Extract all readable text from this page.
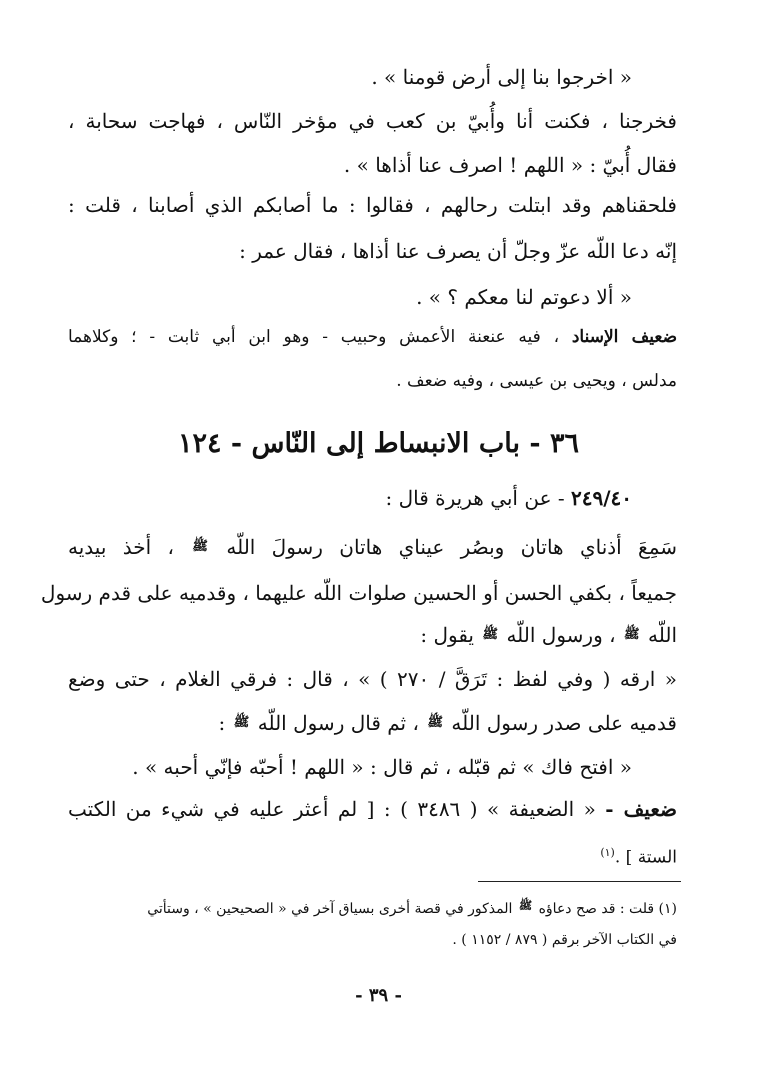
« اخرجوا بنا إلى أرض قومنا » .
فخرجنا ، فكنت أنا وأُبيّ بن كعب في مؤخر النّاس ، فهاجت سحابة ،
فقال أُبيّ : « اللهم ! اصرف عنا أذاها » .
فلحقناهم وقد ابتلت رحالهم ، فقالوا : ما أصابكم الذي أصابنا ، قلت :
إنّه دعا اللّه عزّ وجلّ أن يصرف عنا أذاها ، فقال عمر :
« ألا دعوتم لنا معكم ؟ » .
ضعيف الإسناد ، فيه عنعنة الأعمش وحبيب - وهو ابن أبي ثابت - ؛ وكلاهما
مدلس ، ويحيى بن عيسى ، وفيه ضعف .
٣٦ - باب الانبساط إلى النّاس - ١٢٤
٢٤٩/٤٠ - عن أبي هريرة قال :
سَمِعَ أذناي هاتان وبصُر عيناي هاتان رسولَ اللّه ﷺ ، أخذ بيديه
جميعاً ، بكفي الحسن أو الحسين صلوات اللّه عليهما ، وقدميه على قدم رسول
اللّه ﷺ ، ورسول اللّه ﷺ يقول :
« ارقه ( وفي لفظ : تَرَقَّ / ٢٧٠ ) » ، قال : فرقي الغلام ، حتى وضع
قدميه على صدر رسول اللّه ﷺ ، ثم قال رسول اللّه ﷺ :
« افتح فاك » ثم قبّله ، ثم قال : « اللهم ! أحبّه فإنّي أحبه » .
ضعيف - « الضعيفة » ( ٣٤٨٦ ) : [ لم أعثر عليه في شيء من الكتب
الستة ] .$^{(١)}$
(١) قلت : قد صح دعاؤه ﷺ المذكور في قصة أخرى بسياق آخر في « الصحيحين » ، وستأتي
في الكتاب الآخر برقم ( ٨٧٩ / ١١٥٢ ) .
- ٣٩ -
